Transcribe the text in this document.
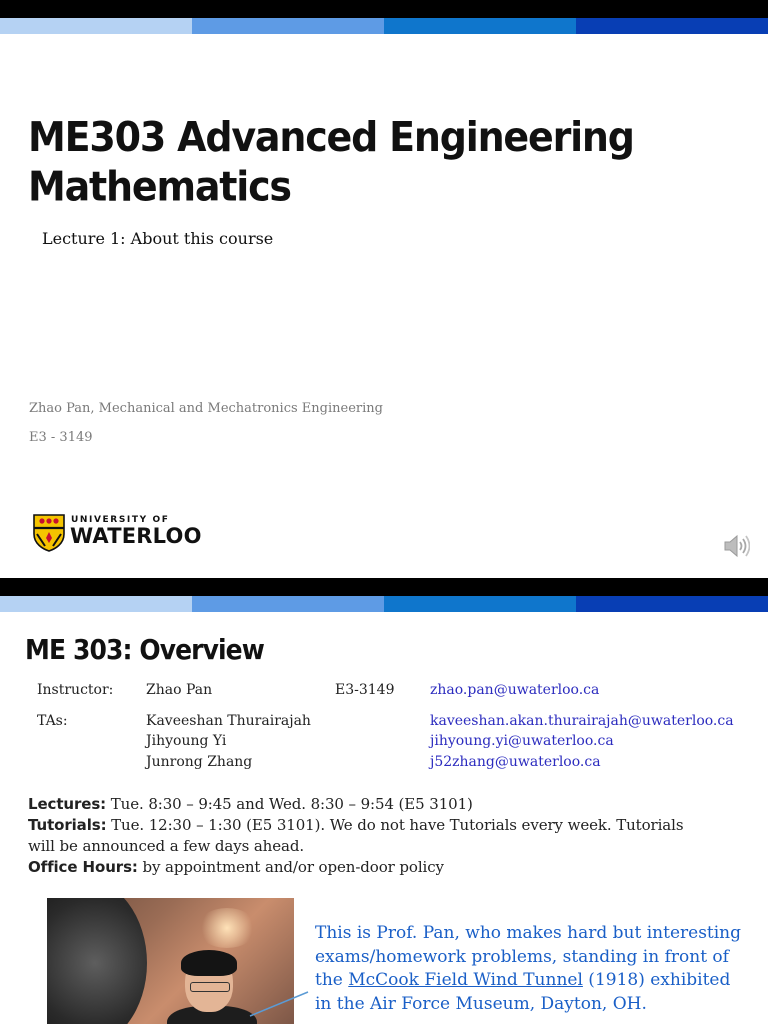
ME303 Advanced Engineering
Mathematics
Lecture 1: About this course
Zhao Pan, Mechanical and Mechatronics Engineering
E3 - 3149
UNIVERSITY OF
WATERLOO
ME 303: Overview
Instructor: Zhao Pan	E3-3149	zhao.pan@uwaterloo.ca
TAs:	Kaveeshan Thurairajah	kaveeshan.akan.thurairajah@uwaterloo.ca
Jihyoung Yi	jihyoung.yi@uwaterloo.ca
Junrong Zhang	j52zhang@uwaterloo.ca
Lectures: Tue. 8:30 – 9:45 and Wed. 8:30 – 9:54 (E5 3101)
Tutorials: Tue. 12:30 – 1:30 (E5 3101). We do not have Tutorials every week. Tutorials
will be announced a few days ahead.
Office Hours: by appointment and/or open-door policy
This is Prof. Pan, who makes hard but interesting
exams/homework problems, standing in front of
the McCook Field Wind Tunnel (1918) exhibited
in the Air Force Museum, Dayton, OH.
